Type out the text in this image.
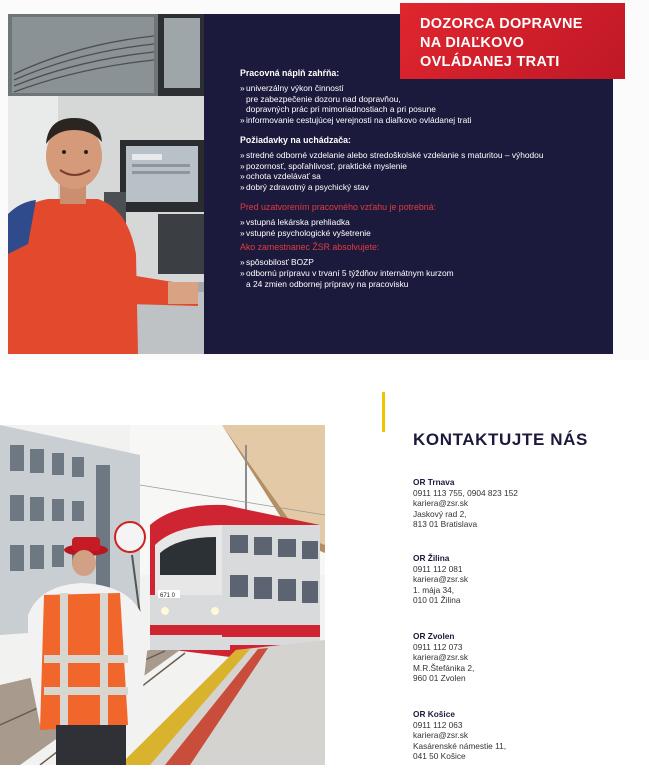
DOZORCA DOPRAVNE
NA DIAĽKOVO
OVLÁDANEJ TRATI
Pracovná náplň zahŕňa:
» univerzálny výkon činností
pre zabezpečenie dozoru nad dopravňou,
dopravných prác pri mimoriadnostiach a pri posune
» informovanie cestujúcej verejnosti na diaľkovo ovládanej trati
Požiadavky na uchádzača:
» stredné odborné vzdelanie alebo stredoškolské vzdelanie s maturitou – výhodou
» pozornosť, spoľahlivosť, praktické myslenie
» ochota vzdelávať sa
» dobrý zdravotný a psychický stav
Pred uzatvorením pracovného vzťahu je potrebná:
» vstupná lekárska prehliadka
» vstupné psychologické vyšetrenie
Ako zamestnanec ŽSR absolvujete:
» spôsobilosť BOZP
» odbornú prípravu v trvaní 5 týždňov internátnym kurzom
a 24 zmien odbornej prípravy na pracovisku
671 0
KONTAKTUJTE NÁS
OR Trnava
0911 113 755, 0904 823 152
kariera@zsr.sk
Jaskový rad 2,
813 01 Bratislava
OR Žilina
0911 112 081
kariera@zsr.sk
1. mája 34,
010 01 Žilina
OR Zvolen
0911 112 073
kariera@zsr.sk
M.R.Štefánika 2,
960 01 Zvolen
OR Košice
0911 112 063
kariera@zsr.sk
Kasárenské námestie 11,
041 50 Košice
